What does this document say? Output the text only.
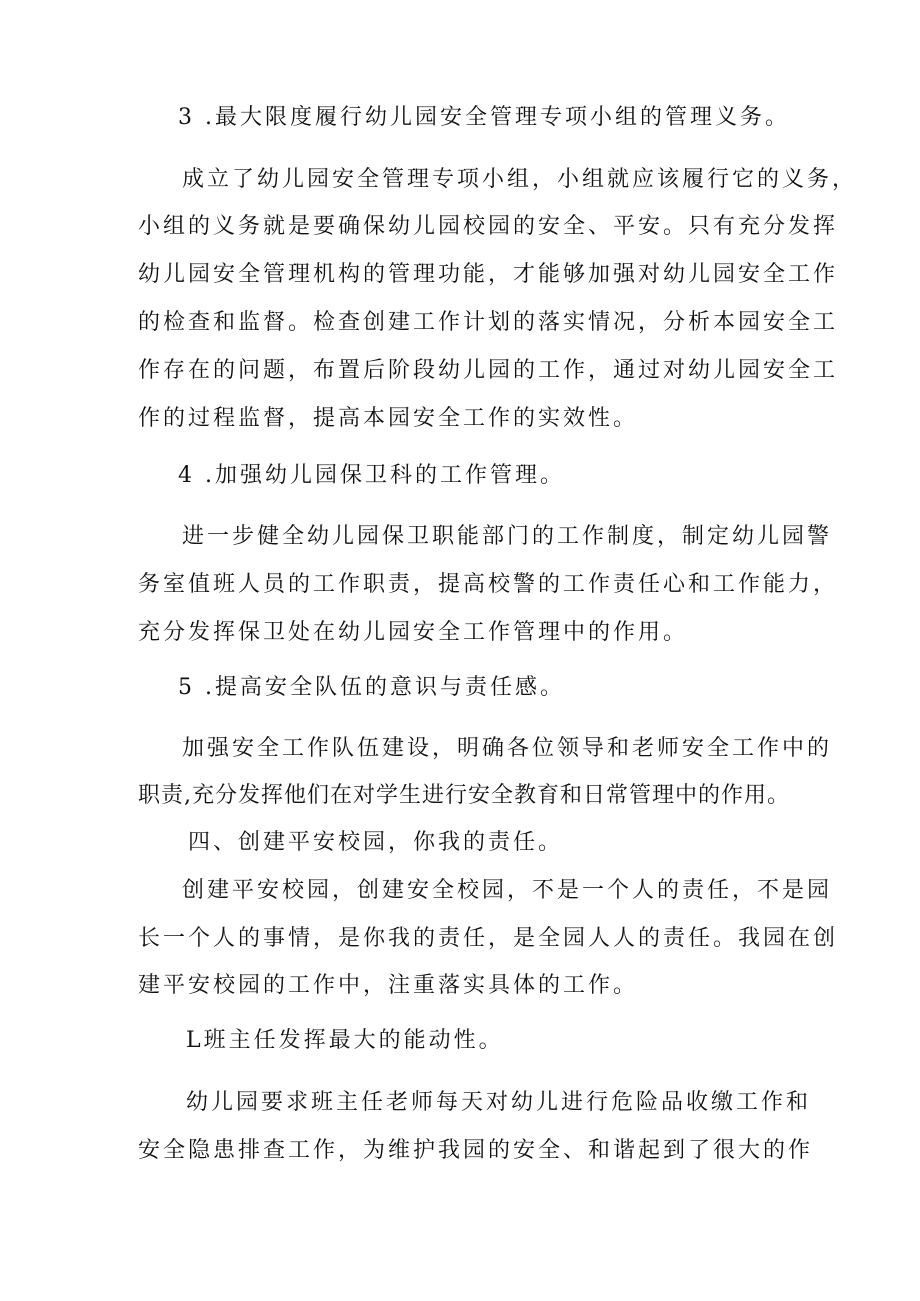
3 .最大限度履行幼儿园安全管理专项小组的管理义务。
成立了幼儿园安全管理专项小组，小组就应该履行它的义务，
小组的义务就是要确保幼儿园校园的安全、平安。只有充分发挥
幼儿园安全管理机构的管理功能，才能够加强对幼儿园安全工作
的检查和监督。检查创建工作计划的落实情况，分析本园安全工
作存在的问题，布置后阶段幼儿园的工作，通过对幼儿园安全工
作的过程监督，提高本园安全工作的实效性。
4 .加强幼儿园保卫科的工作管理。
进一步健全幼儿园保卫职能部门的工作制度，制定幼儿园警
务室值班人员的工作职责，提高校警的工作责任心和工作能力，
充分发挥保卫处在幼儿园安全工作管理中的作用。
5 .提高安全队伍的意识与责任感。
加强安全工作队伍建设，明确各位领导和老师安全工作中的
职责,充分发挥他们在对学生进行安全教育和日常管理中的作用。
四、创建平安校园，你我的责任。
创建平安校园，创建安全校园，不是一个人的责任，不是园
长一个人的事情，是你我的责任，是全园人人的责任。我园在创
建平安校园的工作中，注重落实具体的工作。
L班主任发挥最大的能动性。
幼儿园要求班主任老师每天对幼儿进行危险品收缴工作和
安全隐患排查工作，为维护我园的安全、和谐起到了很大的作
